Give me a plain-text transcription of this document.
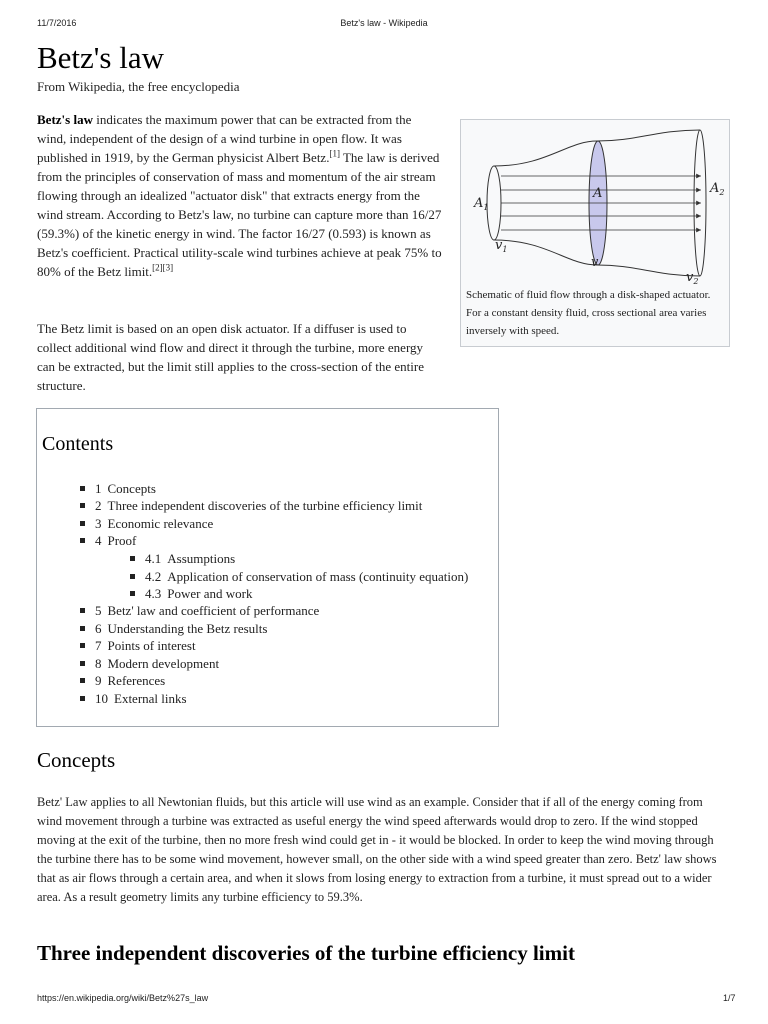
11/7/2016	Betz's law - Wikipedia
Betz's law
From Wikipedia, the free encyclopedia

Betz's law indicates the maximum power that can be extracted from the wind, independent of the design of a wind turbine in open flow. It was published in 1919, by the German physicist Albert Betz.[1] The law is derived from the principles of conservation of mass and momentum of the air stream flowing through an idealized "actuator disk" that extracts energy from the wind stream. According to Betz's law, no turbine can capture more than 16/27 (59.3%) of the kinetic energy in wind. The factor 16/27 (0.593) is known as Betz's coefficient. Practical utility-scale wind turbines achieve at peak 75% to 80% of the Betz limit.[2][3]

The Betz limit is based on an open disk actuator. If a diffuser is used to collect additional wind flow and direct it through the turbine, more energy can be extracted, but the limit still applies to the cross-section of the entire structure.

$A_1$
A	$A_2$
$v_1$
v
$v_2$
Schematic of fluid flow through a disk-shaped actuator. For a constant density fluid, cross sectional area varies inversely with speed.
Contents
1 Concepts
2 Three independent discoveries of the turbine efficiency limit
3 Economic relevance
4 Proof
4.1 Assumptions
4.2 Application of conservation of mass (continuity equation)
4.3 Power and work
5 Betz' law and coefficient of performance
6 Understanding the Betz results
7 Points of interest
8 Modern development
9 References
10 External links
Concepts

Betz' Law applies to all Newtonian fluids, but this article will use wind as an example. Consider that if all of the energy coming from wind movement through a turbine was extracted as useful energy the wind speed afterwards would drop to zero. If the wind stopped moving at the exit of the turbine, then no more fresh wind could get in - it would be blocked. In order to keep the wind moving through the turbine there has to be some wind movement, however small, on the other side with a wind speed greater than zero. Betz' law shows that as air flows through a certain area, and when it slows from losing energy to extraction from a turbine, it must spread out to a wider area. As a result geometry limits any turbine efficiency to 59.3%.

Three independent discoveries of the turbine efficiency limit
https://en.wikipedia.org/wiki/Betz%27s_law	1/7
